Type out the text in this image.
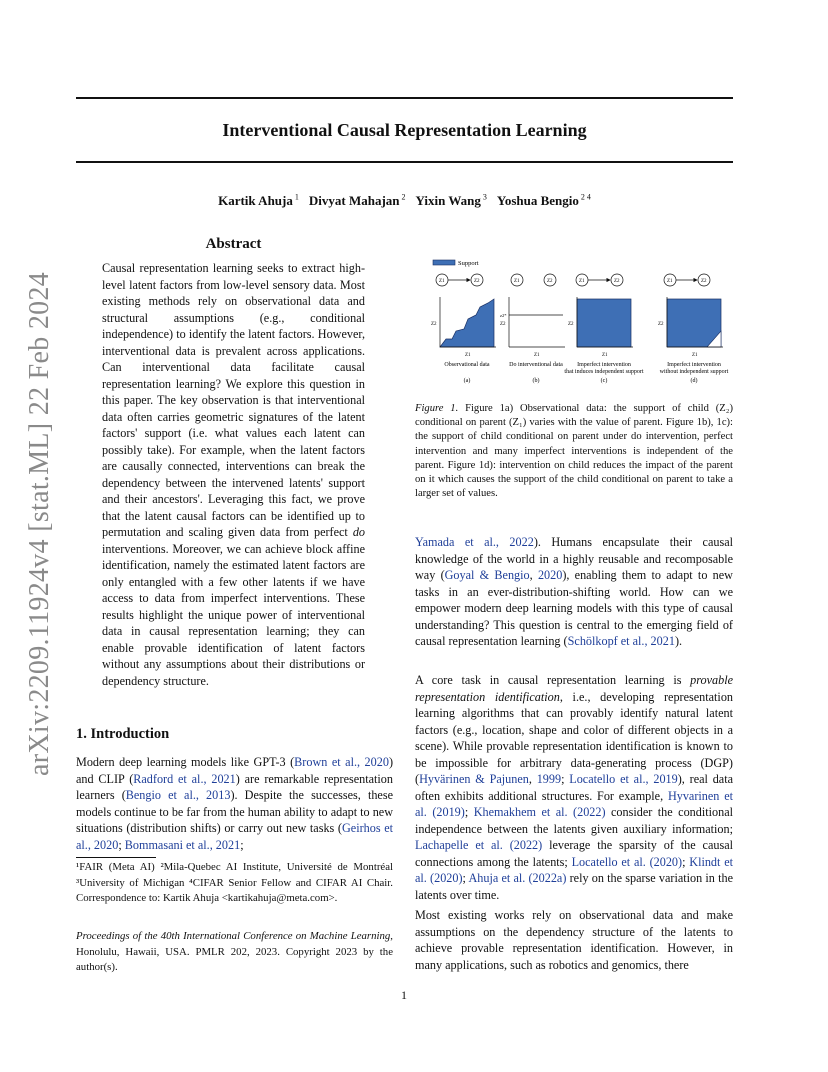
Interventional Causal Representation Learning
Kartik Ahuja $^1$ Divyat Mahajan $^2$ Yixin Wang $^3$ Yoshua Bengio $^{2 4}$
arXiv:2209.11924v4 [stat.ML] 22 Feb 2024
Abstract
Causal representation learning seeks to extract high-level latent factors from low-level sensory data. Most existing methods rely on observational data and structural assumptions (e.g., conditional independence) to identify the latent factors. However, interventional data is prevalent across applications. Can interventional data facilitate causal representation learning? We explore this question in this paper. The key observation is that interventional data often carries geometric signatures of the latent factors' support (i.e. what values each latent can possibly take). For example, when the latent factors are causally connected, interventions can break the dependency between the intervened latents' support and their ancestors'. Leveraging this fact, we prove that the latent causal factors can be identified up to permutation and scaling given data from perfect do interventions. Moreover, we can achieve block affine identification, namely the estimated latent factors are only entangled with a few other latents if we have access to data from imperfect interventions. These results highlight the unique power of interventional data in causal representation learning; they can enable provable identification of latent factors without any assumptions about their distributions or dependency structure.
1. Introduction

Modern deep learning models like GPT-3 (Brown et al., 2020) and CLIP (Radford et al., 2021) are remarkable representation learners (Bengio et al., 2013). Despite the successes, these models continue to be far from the human ability to adapt to new situations (distribution shifts) or carry out new tasks (Geirhos et al., 2020; Bommasani et al., 2021;

¹FAIR (Meta AI) ²Mila-Quebec AI Institute, Université de Montréal ³University of Michigan ⁴CIFAR Senior Fellow and CIFAR AI Chair. Correspondence to: Kartik Ahuja <kartikahuja@meta.com>.

Proceedings of the 40th International Conference on Machine Learning, Honolulu, Hawaii, USA. PMLR 202, 2023. Copyright 2023 by the author(s).

Support
Z1	Z2
Z2
Z1
Observational data
(a)
Z1	Z2
Z2
z2*
Z1
Do interventional data
(b)
Z1	Z2
Z2
Z1
Imperfect intervention
that induces independent support
(c)
Z1	Z2
Z2
Z1
Imperfect intervention
without independent support
(d)

Figure 1. Figure 1a) Observational data: the support of child (Z₂) conditional on parent (Z₁) varies with the value of parent. Figure 1b), 1c): the support of child conditional on parent under do intervention, perfect intervention and many imperfect interventions is independent of the parent. Figure 1d): intervention on child reduces the impact of the parent on it which causes the support of the child conditional on parent to take a larger set of values.

Yamada et al., 2022). Humans encapsulate their causal knowledge of the world in a highly reusable and recomposable way (Goyal & Bengio, 2020), enabling them to adapt to new tasks in an ever-distribution-shifting world. How can we empower modern deep learning models with this type of causal understanding? This question is central to the emerging field of causal representation learning (Schölkopf et al., 2021).

A core task in causal representation learning is provable representation identification, i.e., developing representation learning algorithms that can provably identify natural latent factors (e.g., location, shape and color of different objects in a scene). While provable representation identification is known to be impossible for arbitrary data-generating process (DGP) (Hyvärinen & Pajunen, 1999; Locatello et al., 2019), real data often exhibits additional structures. For example, Hyvarinen et al. (2019); Khemakhem et al. (2022) consider the conditional independence between the latents given auxiliary information; Lachapelle et al. (2022) leverage the sparsity of the causal connections among the latents; Locatello et al. (2020); Klindt et al. (2020); Ahuja et al. (2022a) rely on the sparse variation in the latents over time.

Most existing works rely on observational data and make assumptions on the dependency structure of the latents to achieve provable representation identification. However, in many applications, such as robotics and genomics, there

1
